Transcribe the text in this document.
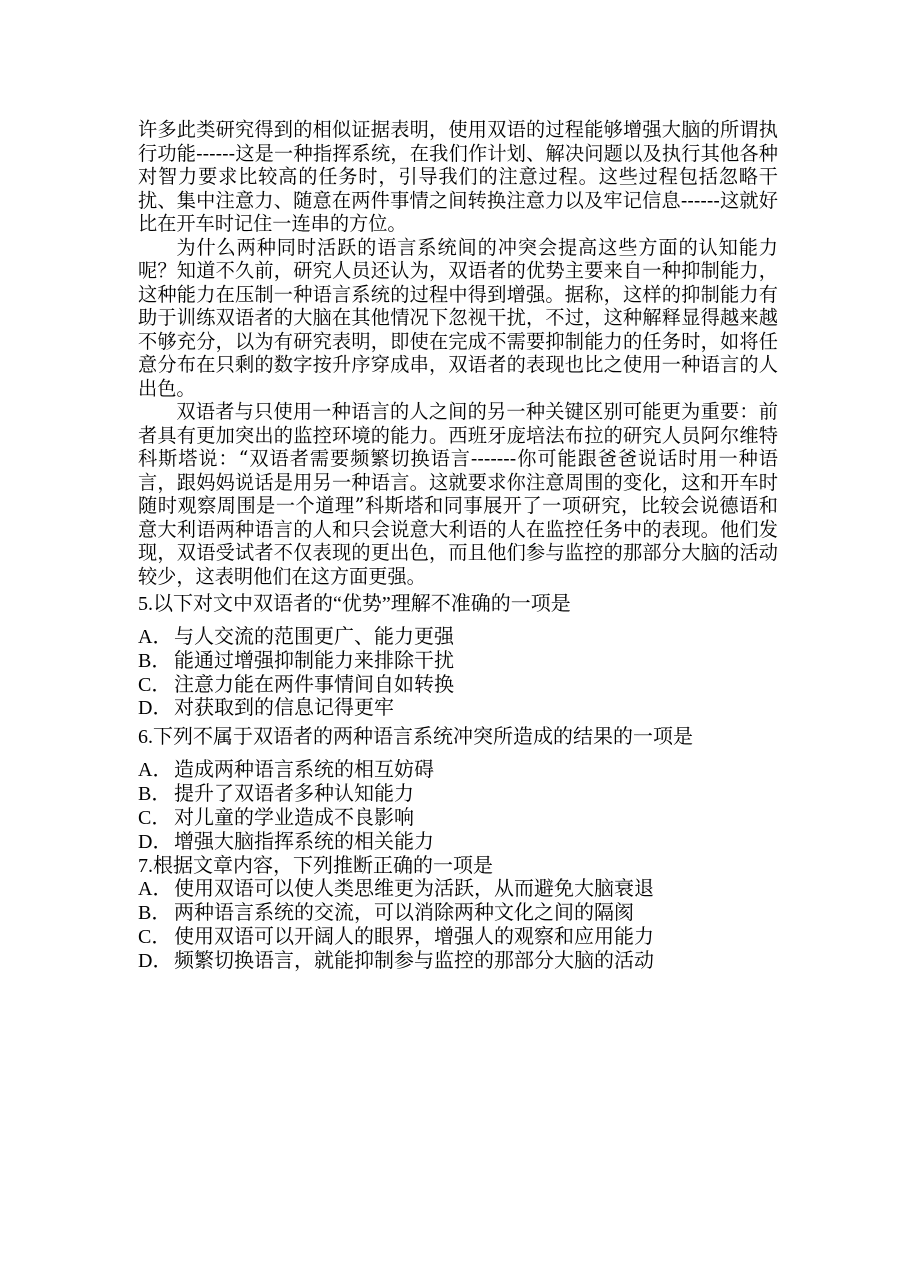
许多此类研究得到的相似证据表明，使用双语的过程能够增强大脑的所谓执行功能------这是一种指挥系统，在我们作计划、解决问题以及执行其他各种对智力要求比较高的任务时，引导我们的注意过程。这些过程包括忽略干扰、集中注意力、随意在两件事情之间转换注意力以及牢记信息------这就好比在开车时记住一连串的方位。

为什么两种同时活跃的语言系统间的冲突会提高这些方面的认知能力呢？知道不久前，研究人员还认为，双语者的优势主要来自一种抑制能力，这种能力在压制一种语言系统的过程中得到增强。据称，这样的抑制能力有助于训练双语者的大脑在其他情况下忽视干扰，不过，这种解释显得越来越不够充分，以为有研究表明，即使在完成不需要抑制能力的任务时，如将任意分布在只剩的数字按升序穿成串，双语者的表现也比之使用一种语言的人出色。

双语者与只使用一种语言的人之间的另一种关键区别可能更为重要：前者具有更加突出的监控环境的能力。西班牙庞培法布拉的研究人员阿尔维特科斯塔说：“双语者需要频繁切换语言-------你可能跟爸爸说话时用一种语言，跟妈妈说话是用另一种语言。这就要求你注意周围的变化，这和开车时随时观察周围是一个道理”科斯塔和同事展开了一项研究，比较会说德语和意大利语两种语言的人和只会说意大利语的人在监控任务中的表现。他们发现，双语受试者不仅表现的更出色，而且他们参与监控的那部分大脑的活动较少，这表明他们在这方面更强。

5.以下对文中双语者的“优势”理解不准确的一项是

A．与人交流的范围更广、能力更强
B． 能通过增强抑制能力来排除干扰
C． 注意力能在两件事情间自如转换
D．对获取到的信息记得更牢

6.下列不属于双语者的两种语言系统冲突所造成的结果的一项是

A．造成两种语言系统的相互妨碍
B． 提升了双语者多种认知能力
C． 对儿童的学业造成不良影响
D．增强大脑指挥系统的相关能力

7.根据文章内容，下列推断正确的一项是

A．使用双语可以使人类思维更为活跃，从而避免大脑衰退
B． 两种语言系统的交流，可以消除两种文化之间的隔阂
C． 使用双语可以开阔人的眼界，增强人的观察和应用能力
D．频繁切换语言，就能抑制参与监控的那部分大脑的活动
